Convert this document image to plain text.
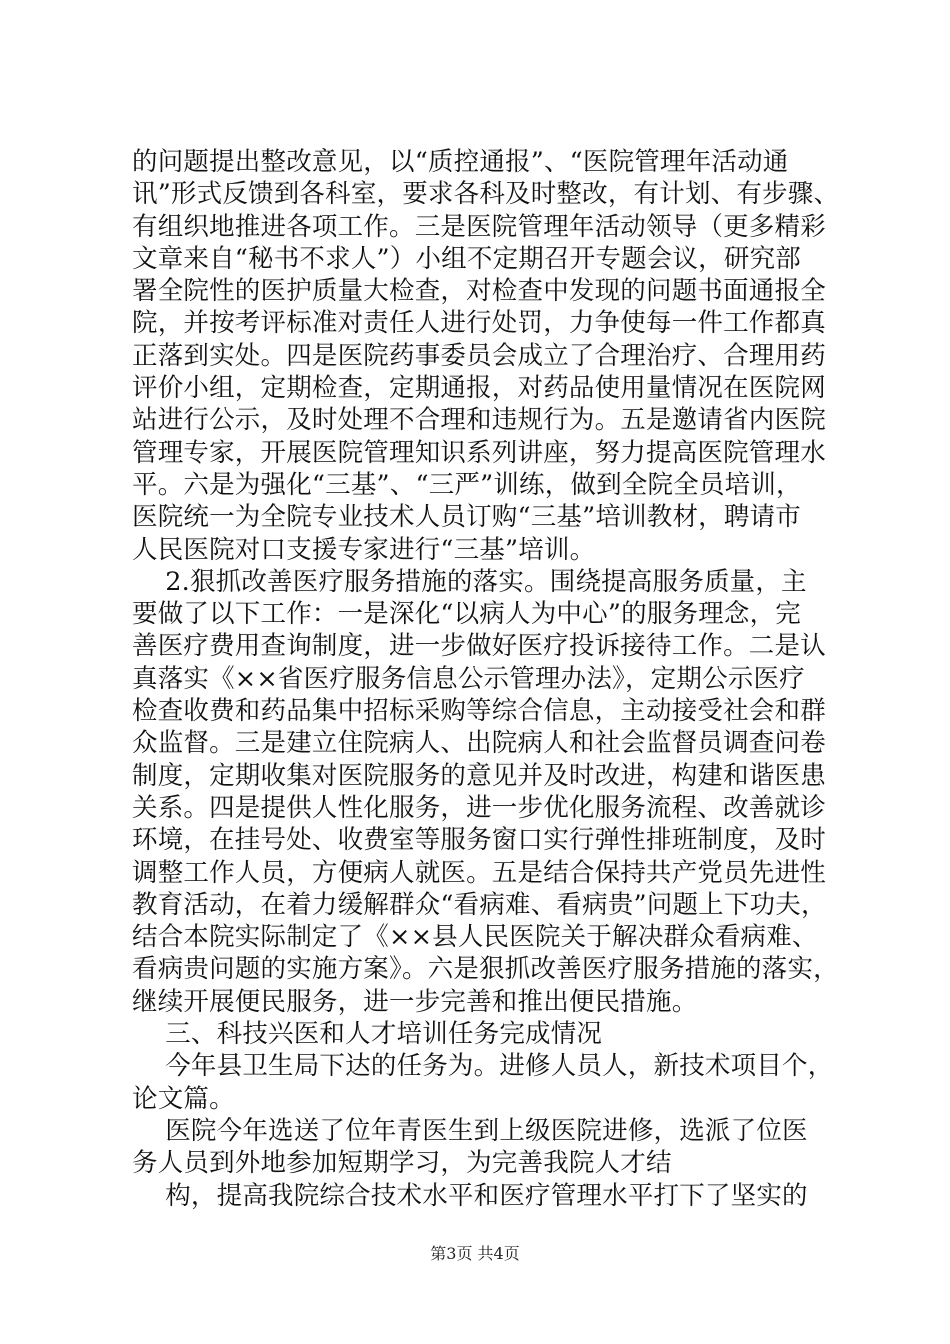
的问题提出整改意见，以“质控通报”、“医院管理年活动通
讯”形式反馈到各科室，要求各科及时整改，有计划、有步骤、
有组织地推进各项工作。三是医院管理年活动领导（更多精彩
文章来自“秘书不求人”）小组不定期召开专题会议，研究部
署全院性的医护质量大检查，对检查中发现的问题书面通报全
院，并按考评标准对责任人进行处罚，力争使每一件工作都真
正落到实处。四是医院药事委员会成立了合理治疗、合理用药
评价小组，定期检查，定期通报，对药品使用量情况在医院网
站进行公示，及时处理不合理和违规行为。五是邀请省内医院
管理专家，开展医院管理知识系列讲座，努力提高医院管理水
平。六是为强化“三基”、“三严”训练，做到全院全员培训，
医院统一为全院专业技术人员订购“三基”培训教材，聘请市
人民医院对口支援专家进行“三基”培训。
2.狠抓改善医疗服务措施的落实。围绕提高服务质量，主
要做了以下工作：一是深化“以病人为中心”的服务理念，完
善医疗费用查询制度，进一步做好医疗投诉接待工作。二是认
真落实《××省医疗服务信息公示管理办法》，定期公示医疗
检查收费和药品集中招标采购等综合信息，主动接受社会和群
众监督。三是建立住院病人、出院病人和社会监督员调查问卷
制度，定期收集对医院服务的意见并及时改进，构建和谐医患
关系。四是提供人性化服务，进一步优化服务流程、改善就诊
环境，在挂号处、收费室等服务窗口实行弹性排班制度，及时
调整工作人员，方便病人就医。五是结合保持共产党员先进性
教育活动，在着力缓解群众“看病难、看病贵”问题上下功夫，
结合本院实际制定了《××县人民医院关于解决群众看病难、
看病贵问题的实施方案》。六是狠抓改善医疗服务措施的落实，
继续开展便民服务，进一步完善和推出便民措施。
三、科技兴医和人才培训任务完成情况
今年县卫生局下达的任务为。进修人员人，新技术项目个，
论文篇。
医院今年选送了位年青医生到上级医院进修，选派了位医
务人员到外地参加短期学习，为完善我院人才结
构，提高我院综合技术水平和医疗管理水平打下了坚实的
第3页 共4页
